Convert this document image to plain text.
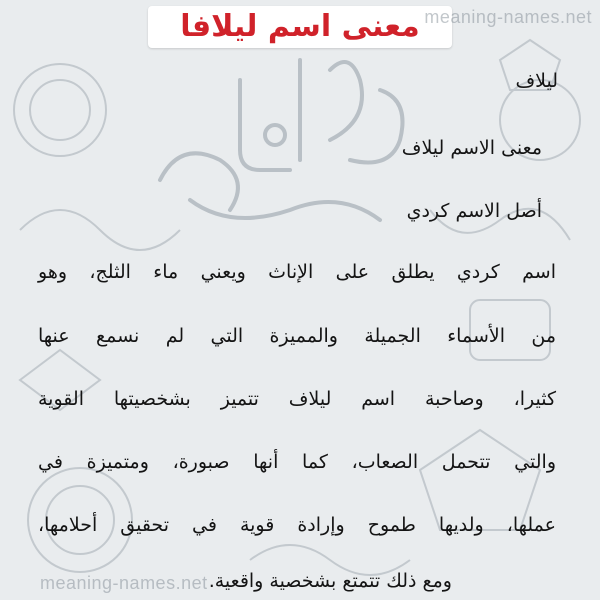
معنى اسم ليلافا meaning-names.net
ليلاف
معنى الاسم ليلاف
أصل الاسم كردي
اسم كردي يطلق على الإناث ويعني ماء الثلج، وهو
من الأسماء الجميلة والمميزة التي لم نسمع عنها
كثيرا، وصاحبة اسم ليلاف تتميز بشخصيتها القوية
والتي تتحمل الصعاب، كما أنها صبورة، ومتميزة في
عملها، ولديها طموح وإرادة قوية في تحقيق أحلامها،
ومع ذلك تتمتع بشخصية واقعية.
meaning-names.net
